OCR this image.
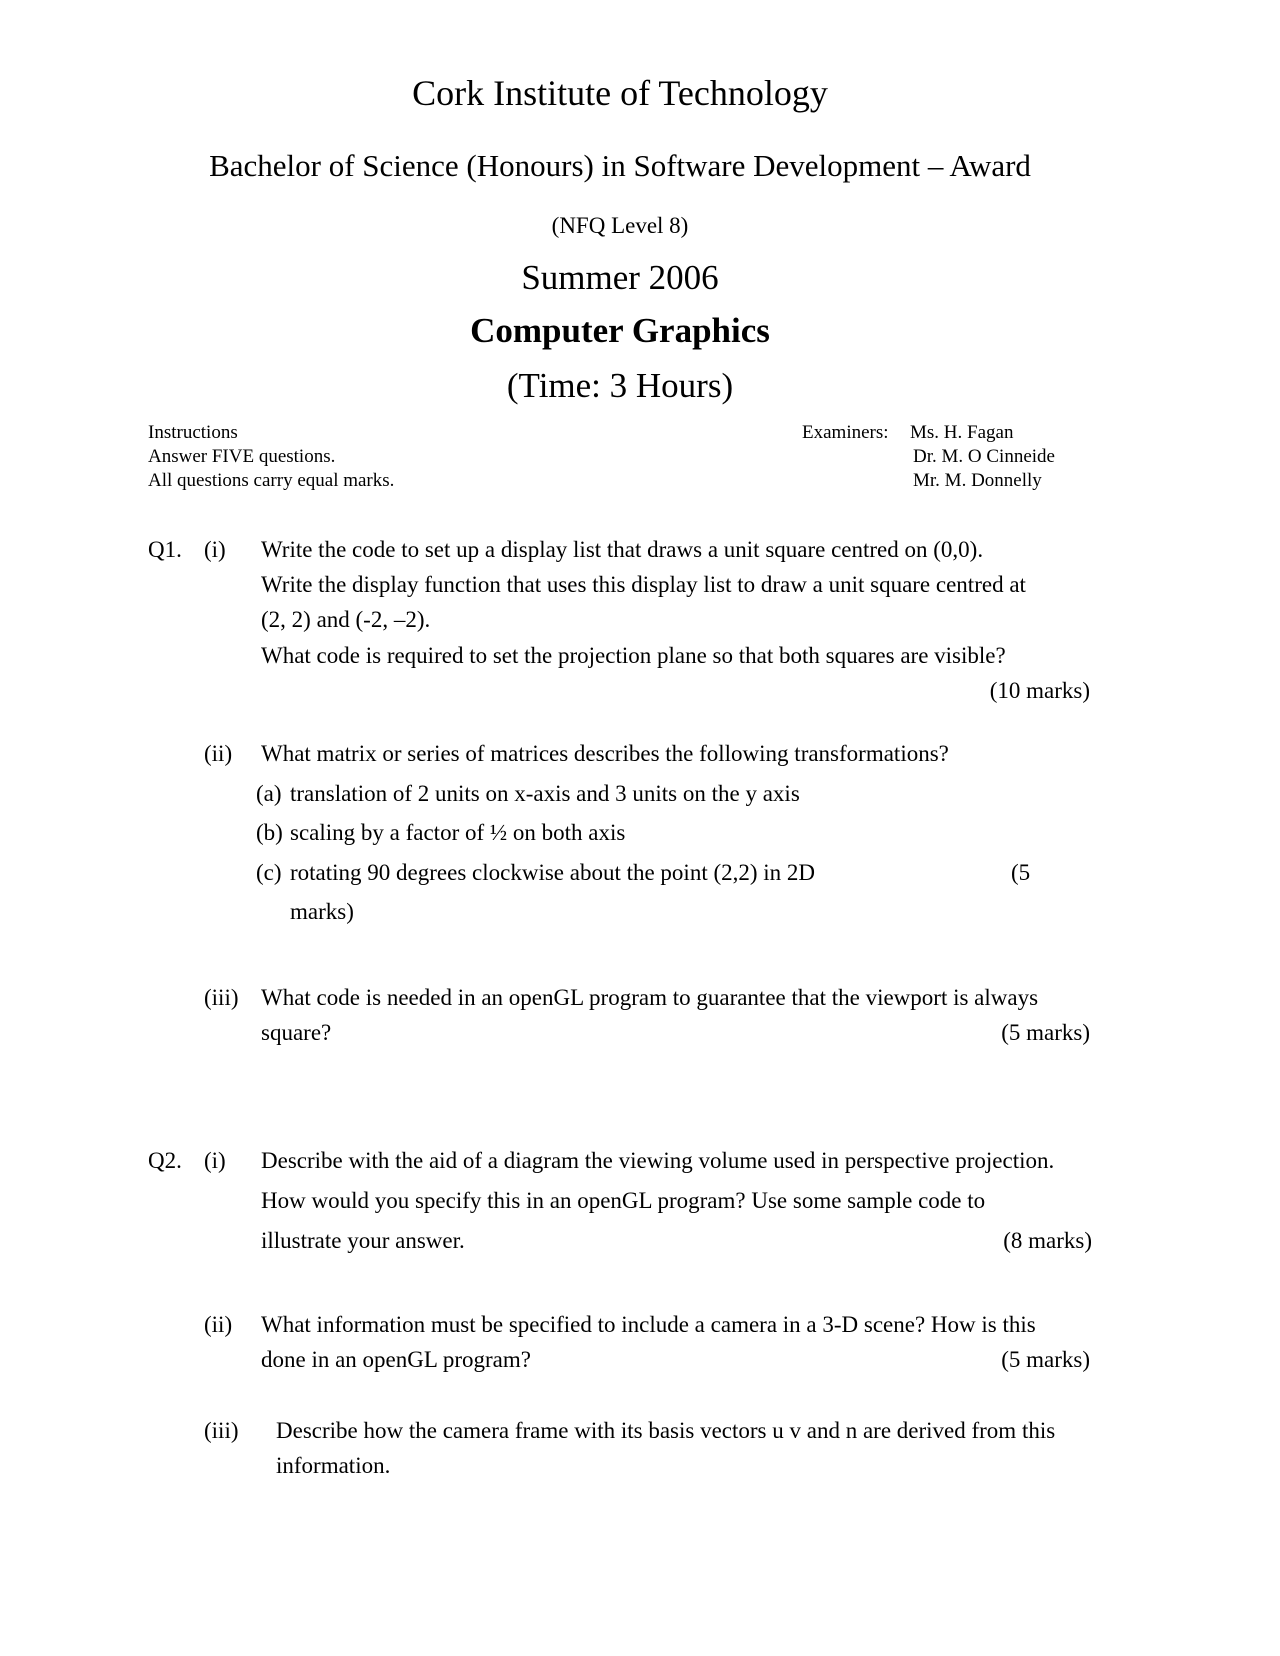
Cork Institute of Technology
Bachelor of Science (Honours) in Software Development – Award
(NFQ Level 8)
Summer 2006
Computer Graphics
(Time: 3 Hours)
Instructions
Answer FIVE questions.
All questions carry equal marks.
Examiners: Ms. H. Fagan
Dr. M. O Cinneide
Mr. M. Donnelly
Q1. (i) Write the code to set up a display list that draws a unit square centred on (0,0).
Write the display function that uses this display list to draw a unit square centred at
(2, 2) and (-2, –2).
What code is required to set the projection plane so that both squares are visible?
(10 marks)
(ii) What matrix or series of matrices describes the following transformations?
(a) translation of 2 units on x-axis and 3 units on the y axis
(b) scaling by a factor of ½ on both axis
(c) rotating 90 degrees clockwise about the point (2,2) in 2D	(5
marks)
(iii) What code is needed in an openGL program to guarantee that the viewport is always
square?	(5 marks)
Q2. (i) Describe with the aid of a diagram the viewing volume used in perspective projection.
How would you specify this in an openGL program? Use some sample code to
illustrate your answer.	(8 marks)
(ii) What information must be specified to include a camera in a 3-D scene? How is this
done in an openGL program?	(5 marks)
(iii) Describe how the camera frame with its basis vectors u v and n are derived from this
information.
